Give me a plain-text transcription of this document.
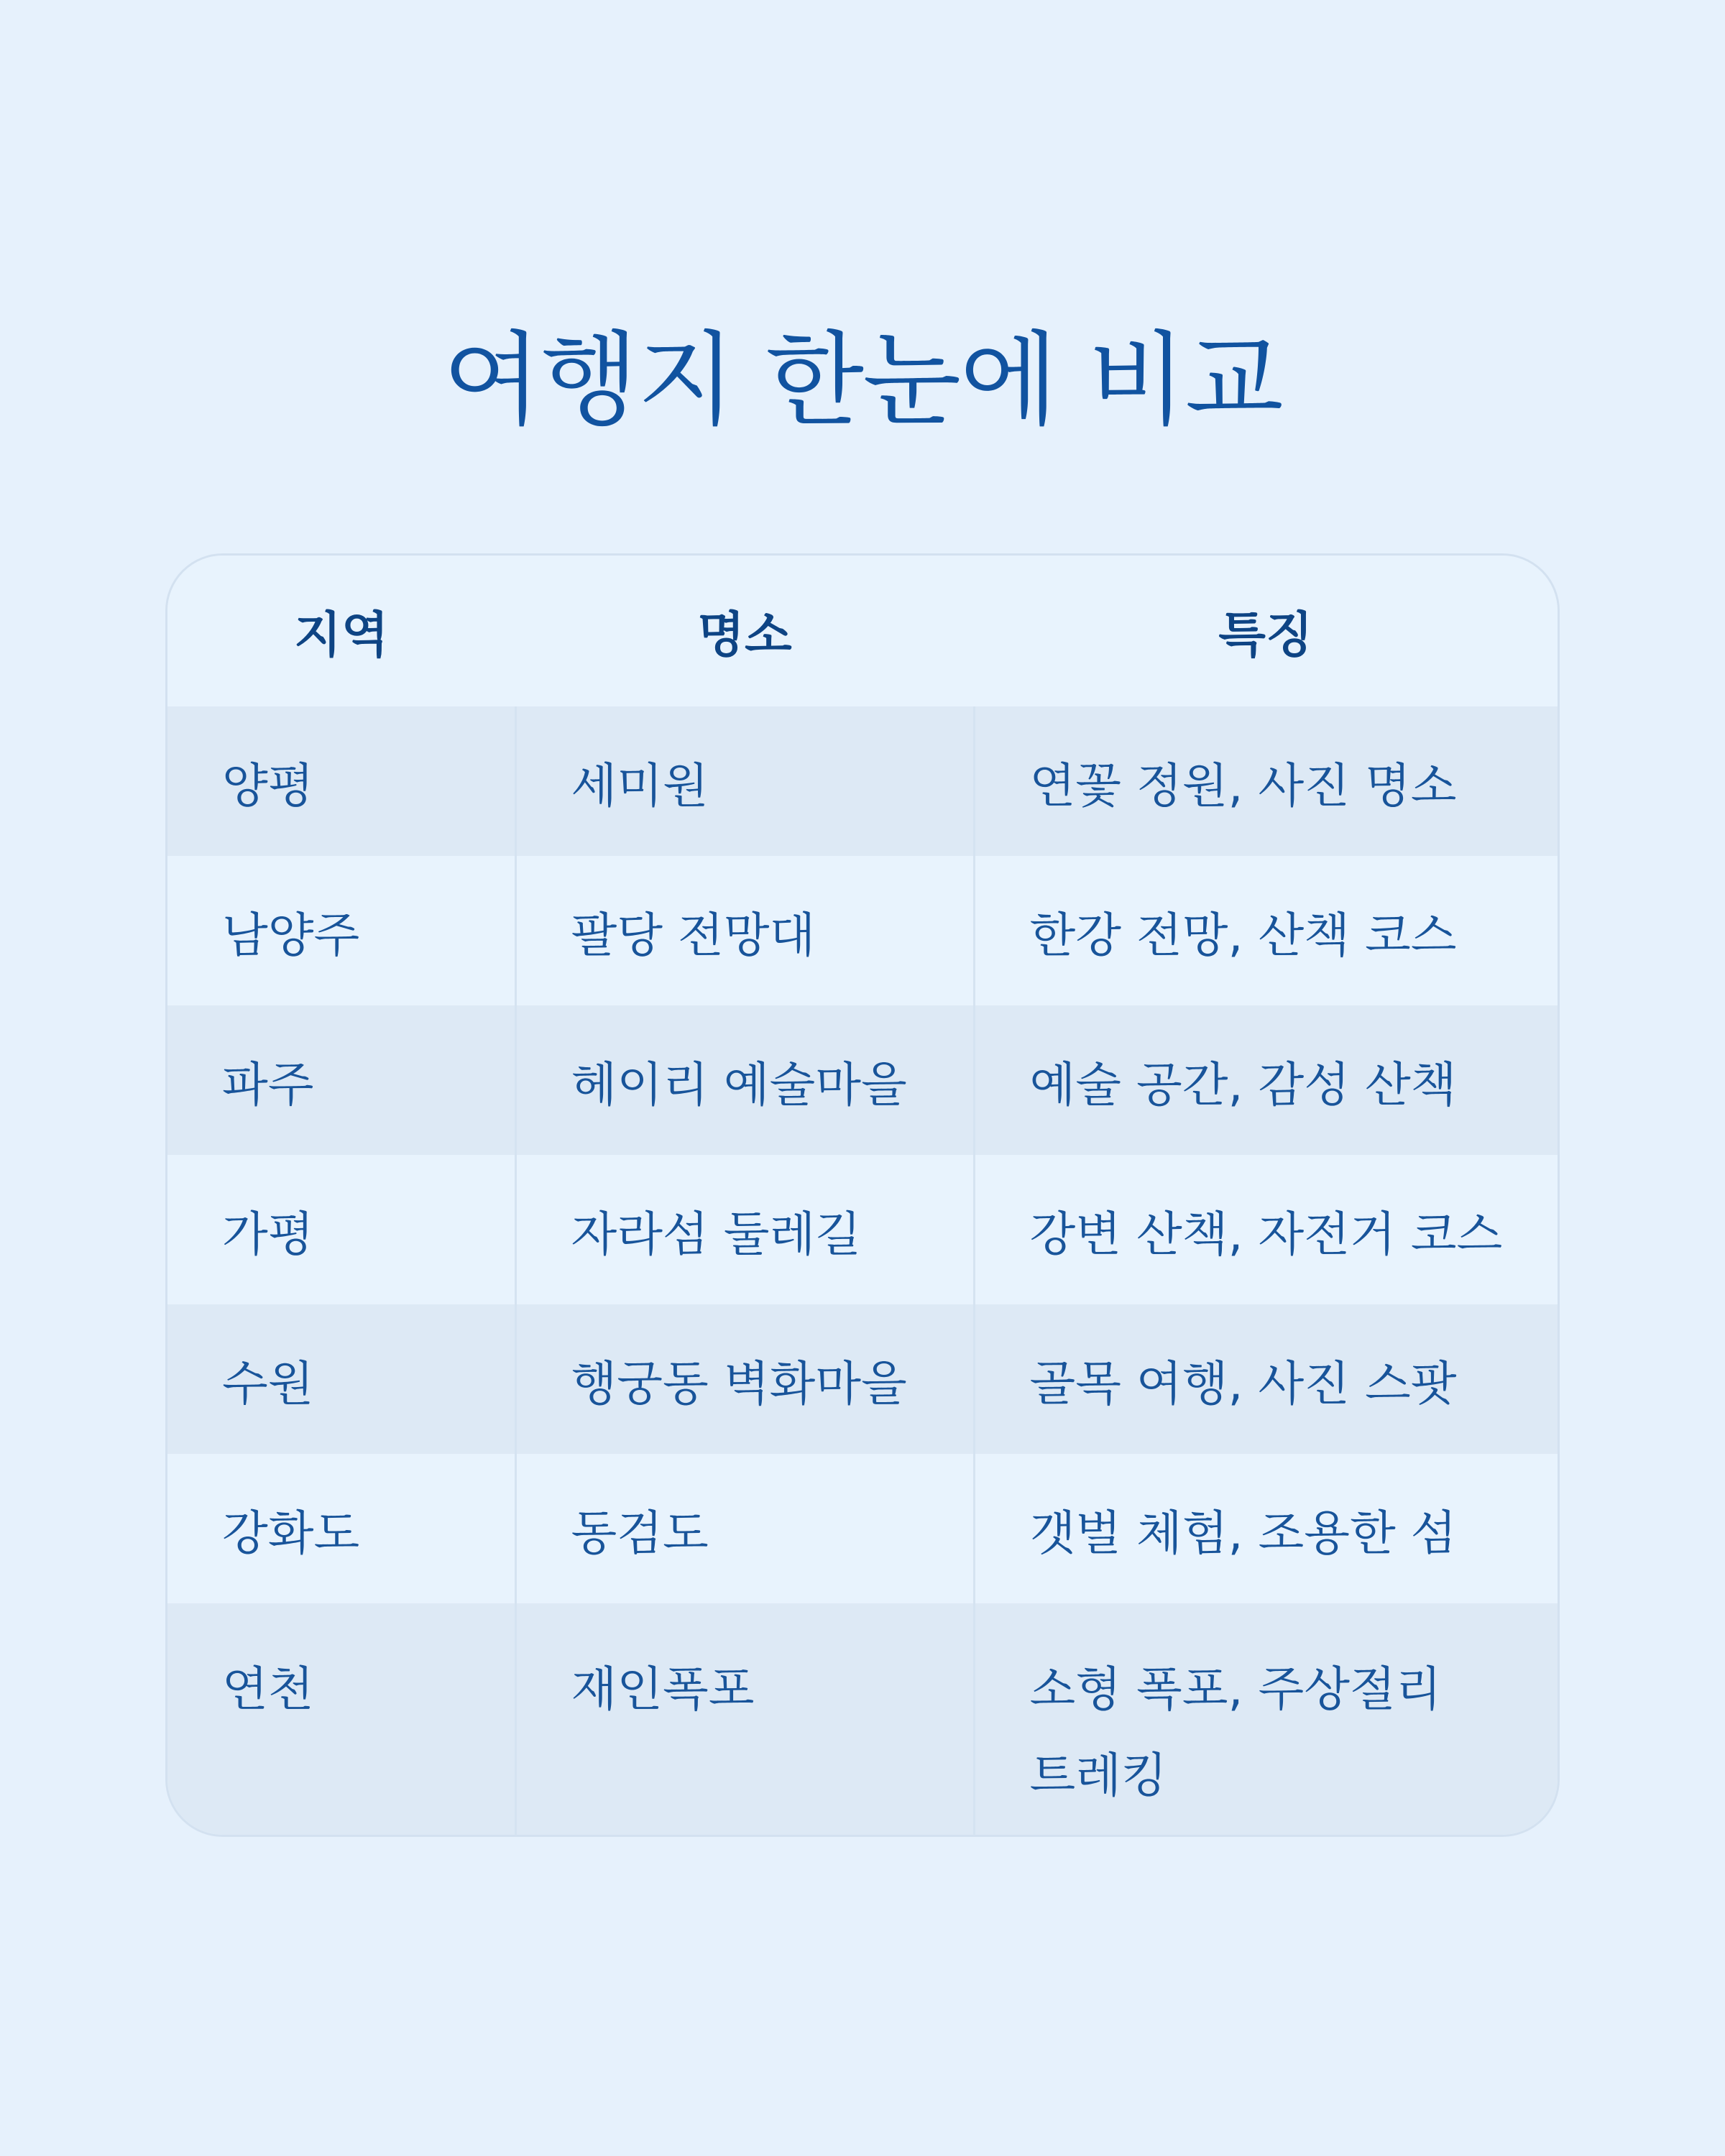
여행지 한눈에 비교
지역	명소	특징
양평	세미원	연꽃 정원, 사진 명소
남양주	팔당 전망대	한강 전망, 산책 코스
파주	헤이리 예술마을	예술 공간, 감성 산책
가평	자라섬 둘레길	강변 산책, 자전거 코스
수원	행궁동 벽화마을	골목 여행, 사진 스팟
강화도	동검도	갯벌 체험, 조용한 섬
연천	재인폭포	소형 폭포, 주상절리 트레킹
